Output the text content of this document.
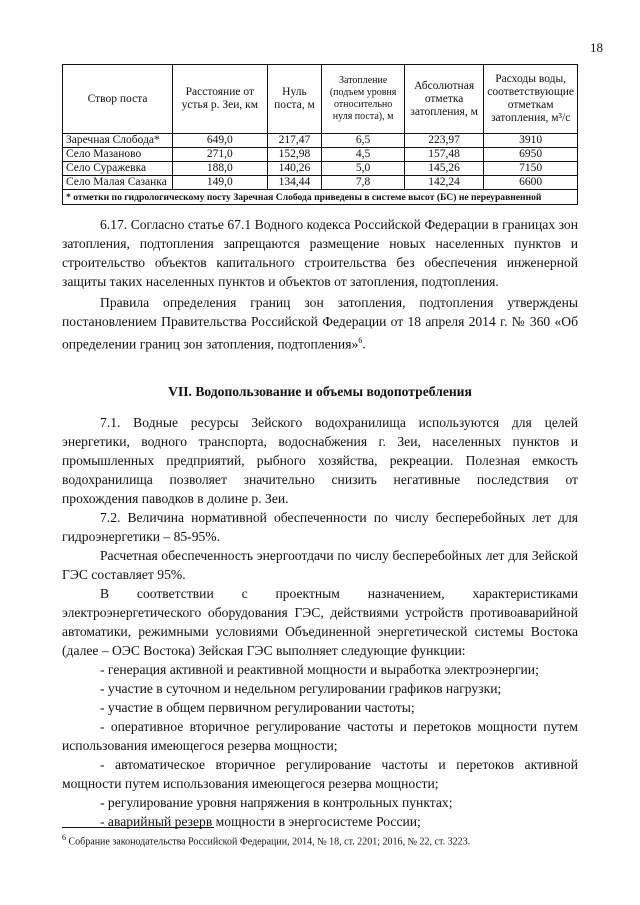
18
Створ поста	Расстояние от устья р. Зеи, км	Нуль поста, м	Затопление (подъем уровня относительно нуля поста), м	Абсолютная отметка затопления, м	Расходы воды, соответствующие отметкам затопления, м³/с
Заречная Слобода*	649,0	217,47	6,5	223,97	3910
Село Мазаново	271,0	152,98	4,5	157,48	6950
Село Суражевка	188,0	140,26	5,0	145,26	7150
Село Малая Сазанка	149,0	134,44	7,8	142,24	6600
* отметки по гидрологическому посту Заречная Слобода приведены в системе высот (БС) не переуравненной					

6.17. Согласно статье 67.1 Водного кодекса Российской Федерации в границах зон затопления, подтопления запрещаются размещение новых населенных пунктов и строительство объектов капитального строительства без обеспечения инженерной защиты таких населенных пунктов и объектов от затопления, подтопления.

Правила определения границ зон затопления, подтопления утверждены постановлением Правительства Российской Федерации от 18 апреля 2014 г. № 360 «Об определении границ зон затопления, подтопления»$^6$.

VII. Водопользование и объемы водопотребления

7.1. Водные ресурсы Зейского водохранилища используются для целей энергетики, водного транспорта, водоснабжения г. Зеи, населенных пунктов и промышленных предприятий, рыбного хозяйства, рекреации. Полезная емкость водохранилища позволяет значительно снизить негативные последствия от прохождения паводков в долине р. Зеи.

7.2. Величина нормативной обеспеченности по числу бесперебойных лет для гидроэнергетики – 85-95%.

Расчетная обеспеченность энергоотдачи по числу бесперебойных лет для Зейской ГЭС составляет 95%.

В соответствии с проектным назначением, характеристиками электроэнергетического оборудования ГЭС, действиями устройств противоаварийной автоматики, режимными условиями Объединенной энергетической системы Востока (далее – ОЭС Востока) Зейская ГЭС выполняет следующие функции:

- генерация активной и реактивной мощности и выработка электроэнергии;

- участие в суточном и недельном регулировании графиков нагрузки;

- участие в общем первичном регулировании частоты;

- оперативное вторичное регулирование частоты и перетоков мощности путем использования имеющегося резерва мощности;

- автоматическое вторичное регулирование частоты и перетоков активной мощности путем использования имеющегося резерва мощности;

- регулирование уровня напряжения в контрольных пунктах;

- аварийный резерв мощности в энергосистеме России;

$^6$ Собрание законодательства Российской Федерации, 2014, № 18, ст. 2201; 2016, № 22, ст. 3223.
